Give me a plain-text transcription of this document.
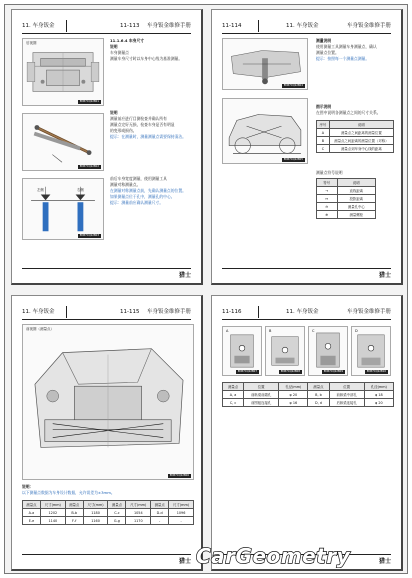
11. 车身钣金	11-113 车身钣金维修手册
后视图
EDB7CQ22B01
EDB7CQ22B02
左侧	右侧
EDB7CQ22B03
11.1.6.4 车身尺寸
说明
车身测量点
测量车身尺寸时以车身中心线为基准测量。
说明
测量前应进行目测检查并确认所有
测量点完好无损，检查车身是否有明显
的变形或损伤。
提示：在测量时，测量测量点需要保持清洁。
前后车身宽度测量，使用测量工具
测量对称测量点。
在测量对称测量点前，先确认测量点的位置。
如果测量点位于孔中，测量孔的中心。
提示：测量前应确认测量尺寸。
猎士
11-114	11. 车身钣金	车身钣金维修手册
EDB7CQ22B04
EDB7CQ22B05
测量说明
使用测量工具测量车身测量点，确认
测量点位置。
提示：按照每一个测量点测量。
图示说明
在图中说明各测量点之间的尺寸关系。
序号	说明
A	测量点之间距离的测量位置
B	测量点之间距离的测量位置（对称）
C	测量点到车身中心线的距离
测量点符号说明
符号	说明
→	直线距离
↔	投影距离
⊖	测量孔中心
⊕	测量螺栓
猎士
11. 车身钣金	11-115 车身钣金维修手册
前视图（测量点）
EDB7CQ22B06
说明：
以下测量点数据为车身设计数据，允许误差为±3mm。
测量点	尺寸(mm)	测量点	尺寸(mm)	测量点	尺寸(mm)	测量点	尺寸(mm)
A-a	1202	B-b	1180	C-c	1054	D-d	1096
E-e	1140	F-f	1160	G-g	1170	-	-
猎士
11-116	11. 车身钣金	车身钣金维修手册
A
EDB7CQ22B07
B
EDB7CQ22B08
C
EDB7CQ22B09
D
EDB7CQ22B10
测量点	位置	孔径(mm)	测量点	位置	孔径(mm)
A, a	前纵梁前端孔	φ 20	B, b	前纵梁中部孔	φ 18
C, c	前围板连接孔	φ 16	D, d	后纵梁连接孔	φ 20
猎士
CarGeometry
